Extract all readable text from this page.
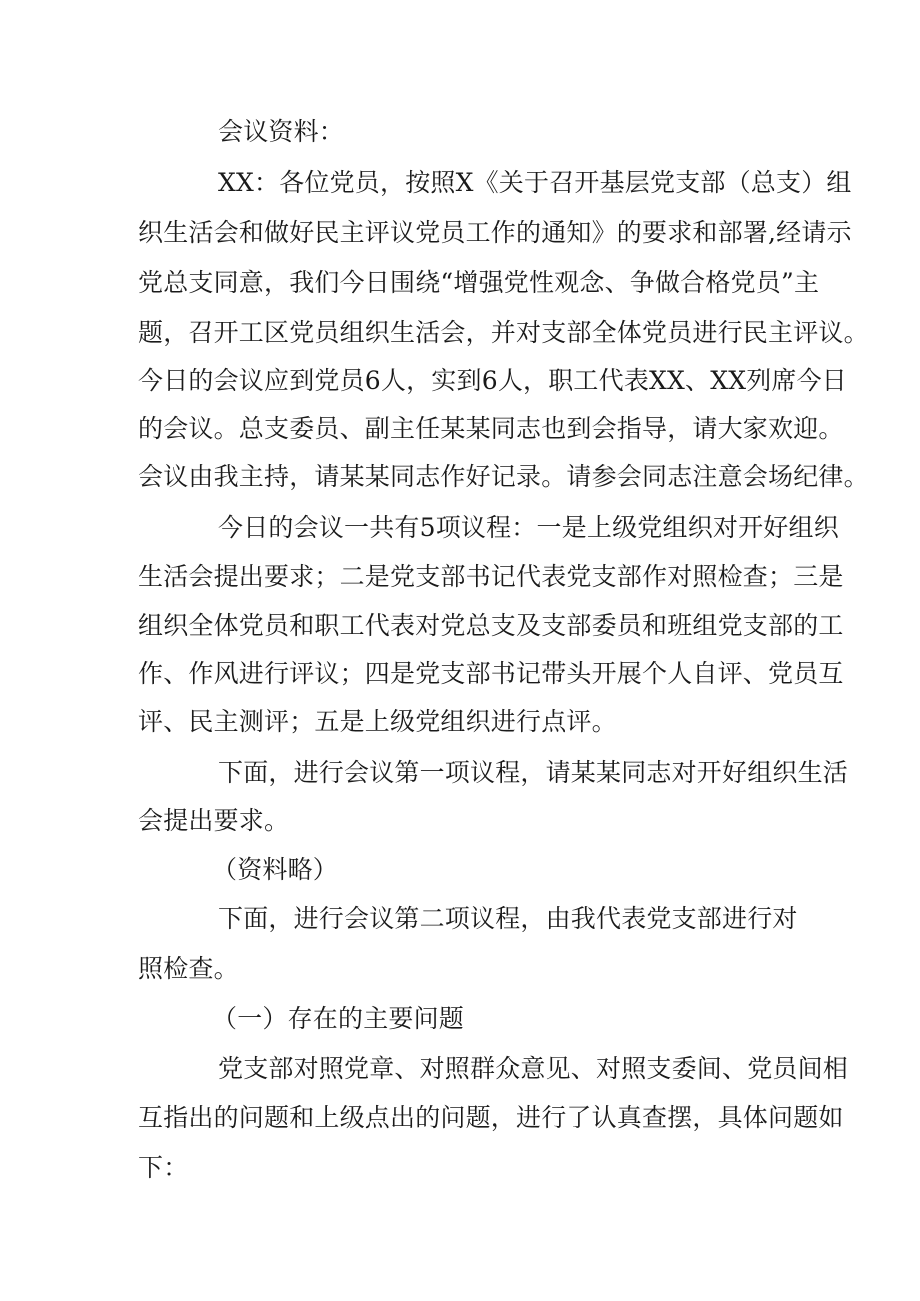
会议资料：
XX：各位党员，按照X《关于召开基层党支部（总支）组
织生活会和做好民主评议党员工作的通知》的要求和部署,经请示
党总支同意，我们今日围绕“增强党性观念、争做合格党员”主
题，召开工区党员组织生活会，并对支部全体党员进行民主评议。
今日的会议应到党员6人，实到6人，职工代表XX、XX列席今日
的会议。总支委员、副主任某某同志也到会指导，请大家欢迎。
会议由我主持，请某某同志作好记录。请参会同志注意会场纪律。
今日的会议一共有5项议程：一是上级党组织对开好组织
生活会提出要求；二是党支部书记代表党支部作对照检查；三是
组织全体党员和职工代表对党总支及支部委员和班组党支部的工
作、作风进行评议；四是党支部书记带头开展个人自评、党员互
评、民主测评；五是上级党组织进行点评。
下面，进行会议第一项议程，请某某同志对开好组织生活
会提出要求。
（资料略）
下面，进行会议第二项议程，由我代表党支部进行对
照检查。
（一）存在的主要问题
党支部对照党章、对照群众意见、对照支委间、党员间相
互指出的问题和上级点出的问题，进行了认真查摆，具体问题如
下：
